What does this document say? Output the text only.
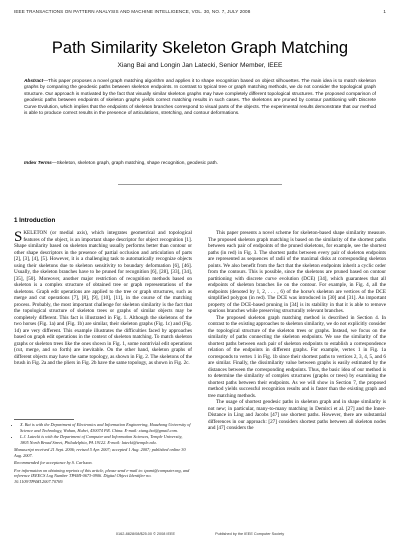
IEEE TRANSACTIONS ON PATTERN ANALYSIS AND MACHINE INTELLIGENCE, VOL. 30, NO. 7, JULY 2008	1
Path Similarity Skeleton Graph Matching
Xiang Bai and Longin Jan Latecki, Senior Member, IEEE
Abstract—This paper proposes a novel graph matching algorithm and applies it to shape recognition based on object silhouettes. The main idea is to match skeleton graphs by comparing the geodesic paths between skeleton endpoints. In contrast to typical tree or graph matching methods, we do not consider the topological graph structure. Our approach is motivated by the fact that visually similar skeleton graphs may have completely different topological structures. The proposed comparison of geodesic paths between endpoints of skeleton graphs yields correct matching results in such cases. The skeletons are pruned by contour partitioning with Discrete Curve Evolution, which implies that the endpoints of skeleton branches correspond to visual parts of the objects. The experimental results demonstrate that our method is able to produce correct results in the presence of articulations, stretching, and contour deformations.
Index Terms—Skeleton, skeleton graph, graph matching, shape recognition, geodesic path.
1 Introduction

SKELETON (or medial axis), which integrates geometrical and topological features of the object, is an important shape descriptor for object recognition [1]. Shape similarity based on skeleton matching usually performs better than contour or other shape descriptors in the presence of partial occlusion and articulation of parts [2], [3], [4], [5]. However, it is a challenging task to automatically recognize objects using their skeletons due to skeleton sensitivity to boundary deformation [6], [46]. Usually, the skeleton branches have to be pruned for recognition [6], [28], [33], [34], [35], [50]. Moreover, another major restriction of recognition methods based on skeleton is a complex structure of obtained tree or graph representations of the skeletons. Graph edit operations are applied to the tree or graph structures, such as merge and cut operations [7], [8], [9], [10], [11], in the course of the matching process. Probably, the most important challenge for skeleton similarity is the fact that the topological structure of skeleton trees or graphs of similar objects may be completely different. This fact is illustrated in Fig. 1. Although the skeletons of the two horses (Fig. 1a) and (Fig. 1b) are similar, their skeleton graphs (Fig. 1c) and (Fig. 1d) are very different. This example illustrates the difficulties faced by approaches based on graph edit operations in the context of skeleton matching. To match skeleton graphs or skeleton trees like the ones shown in Fig. 1, some nontrivial edit operations (cut, merge, and so forth) are inevitable. On the other hand, skeleton graphs of different objects may have the same topology, as shown in Fig. 2. The skeletons of the brush in Fig. 2a and the pliers in Fig. 2b have the same topology, as shown in Fig. 2c.

• X. Bai is with the Department of Electronics and Information Engineering, Huazhong University of Science and Technology, Wuhan, Hubei, 430074 P.R. China. E-mail: xiang.bai@gmail.com.
• L.J. Latecki is with the Department of Computer and Information Sciences, Temple University, 1805 North Broad Street, Philadelphia, PA 19122. E-mail: latecki@temple.edu.

Manuscript received 21 Sept. 2006; revised 5 Apr. 2007; accepted 1 Aug. 2007; published online 30 Aug. 2007.

Recommended for acceptance by S. Carlsson.

For information on obtaining reprints of this article, please send e-mail to: tpami@computer.org, and reference IEEECS Log Number TPAMI-0673-0906. Digital Object Identifier no. 10.1109/TPAMI.2007.70769.

This paper presents a novel scheme for skeleton-based shape similarity measure. The proposed skeleton graph matching is based on the similarity of the shortest paths between each pair of endpoints of the pruned skeletons, for example, see the shortest paths (in red) in Fig. 3. The shortest paths between every pair of skeleton endpoints are represented as sequences of radii of the maximal disks at corresponding skeleton points. We also benefit from the fact that the skeleton endpoints inherit a cyclic order from the contours. This is possible, since the skeletons are pruned based on contour partitioning with discrete curve evolution (DCE) [34], which guarantees that all endpoints of skeleton branches lie on the contour. For example, in Fig. 4, all the endpoints (denoted by 1, 2, . . . , 6) of the horse's skeleton are vertices of the DCE simplified polygon (in red). The DCE was introduced in [30] and [31]. An important property of the DCE-based pruning in [34] is its stability in that it is able to remove spurious branches while preserving structurally relevant branches.

The proposed skeleton graph matching method is described in Section 4. In contrast to the existing approaches to skeleton similarity, we do not explicitly consider the topological structure of the skeleton trees or graphs. Instead, we focus on the similarity of paths connecting the skeleton endpoints. We use the similarity of the shortest paths between each pair of skeleton endpoints to establish a correspondence relation of the endpoints in different graphs. For example, vertex 1 in Fig. 1a corresponds to vertex 1 in Fig. 1b since their shortest paths to vertices 2, 3, 4, 5, and 6 are similar. Finally, the dissimilarity value between graphs is easily estimated by the distances between the corresponding endpoints. Thus, the basic idea of our method is to determine the similarity of complex structures (graphs or trees) by examining the shortest paths between their endpoints. As we will show in Section 7, the proposed method yields successful recognition results and is faster than the existing graph and tree matching methods.

The usage of shortest geodesic paths in skeleton graph and in shape similarity is not new; in particular, many-to-many matching in Demirci et al. [27] and the Inner-Distance in Ling and Jacobs [47] use shortest paths. However, there are substantial differences in our approach: [27] considers shortest paths between all skeleton nodes and [47] considers the

0162-8828/08/$25.00 © 2008 IEEE	Published by the IEEE Computer Society
